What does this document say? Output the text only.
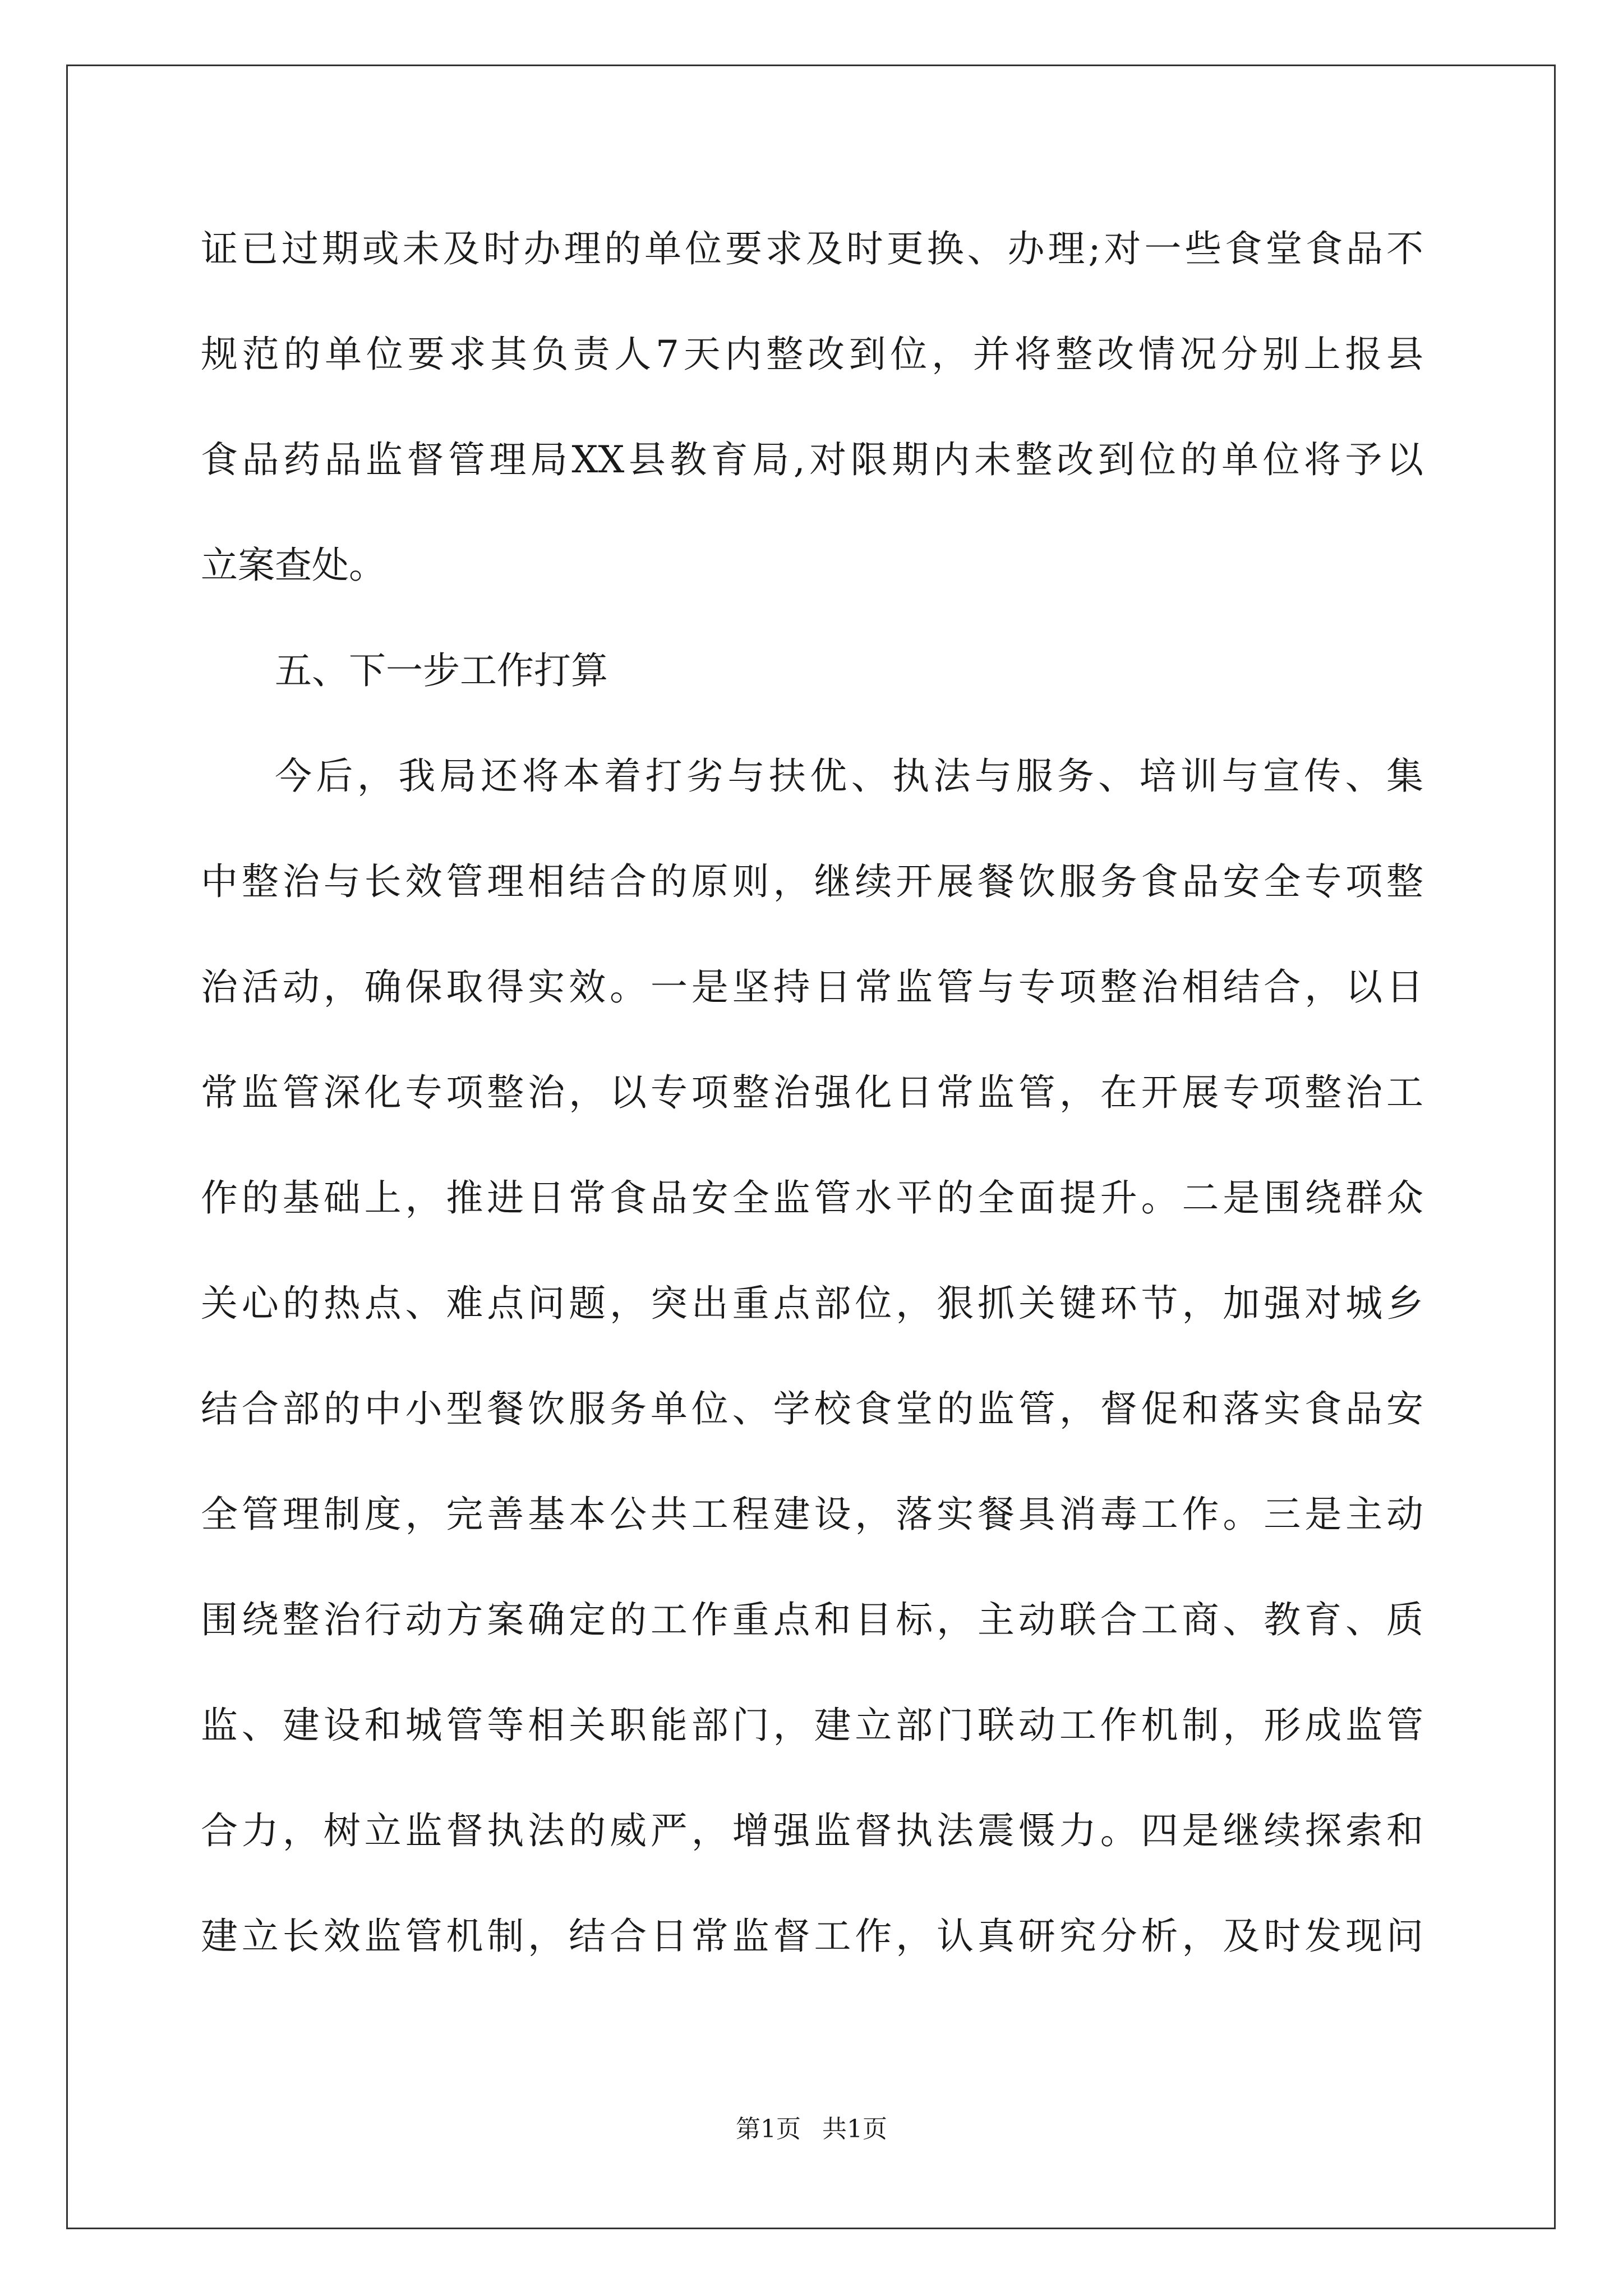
证已过期或未及时办理的单位要求及时更换、办理;对一些食堂食品不
规范的单位要求其负责人7天内整改到位，并将整改情况分别上报县
食品药品监督管理局XX县教育局,对限期内未整改到位的单位将予以
立案查处。
五、下一步工作打算
今后，我局还将本着打劣与扶优、执法与服务、培训与宣传、集
中整治与长效管理相结合的原则，继续开展餐饮服务食品安全专项整
治活动，确保取得实效。一是坚持日常监管与专项整治相结合，以日
常监管深化专项整治，以专项整治强化日常监管，在开展专项整治工
作的基础上，推进日常食品安全监管水平的全面提升。二是围绕群众
关心的热点、难点问题，突出重点部位，狠抓关键环节，加强对城乡
结合部的中小型餐饮服务单位、学校食堂的监管，督促和落实食品安
全管理制度，完善基本公共工程建设，落实餐具消毒工作。三是主动
围绕整治行动方案确定的工作重点和目标，主动联合工商、教育、质
监、建设和城管等相关职能部门，建立部门联动工作机制，形成监管
合力，树立监督执法的威严，增强监督执法震慑力。四是继续探索和
建立长效监管机制，结合日常监督工作，认真研究分析，及时发现问
第1页 共1页
